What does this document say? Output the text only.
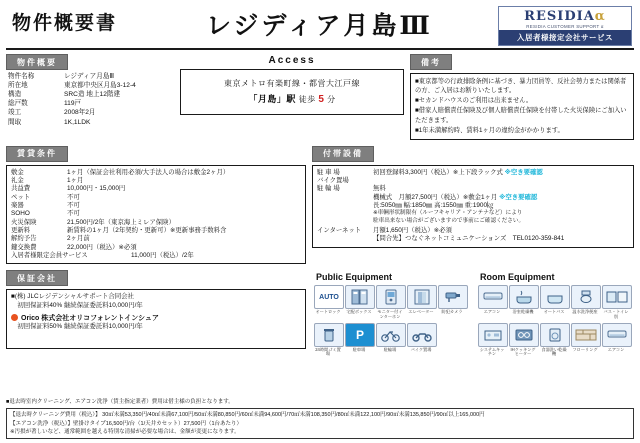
物件概要書	レジディア月島Ⅲ	RESIDIAα
RESIDIA CUSTOMER SUPPORT α
入居者様接定会社サービス
物件概要
物件名称	レジディア月島Ⅲ
所在地	東京都中央区月島3-12-4
構造	SRC造 地上12階建
総戸数	119戸
竣工	2008年2月
間取	1K,1LDK
Access
東京メトロ有楽町線・都営大江戸線
「月島」駅 徒歩 5 分
備考
■東京都等の行政排除条例に基づき、暴力団員等、反社会勢力または関係者の方、ご入居はお断りいたします。
■セカンドハウスのご利用は出来ません。
■借家人賠償責任保険及び個人賠償責任保険を付帯した火災保険にご加入いただきます。
■1年未満解約時、賃料1ヶ月の違約金がかかります。
賃貸条件
敷金	1ヶ月（保証会社利用必須/大手法人の場合は敷金2ヶ月）
礼金	1ヶ月
共益費	10,000円・15,000円
ペット	不可
楽器	不可
SOHO	不可
火災保険	21,500円/2年（東京海上ミレア保険）
更新料	新賃料の1ヶ月（2年契約・更新可）※更新事務手数料含
解約予告	2ヶ月前
鍵交換費	22,000円（税込）※必須
入居者様限定会員サービス	11,000円（税込）/2年
付帯設備
駐 車 場	初回登録料3,300円（税込）※上下段ラック式 ※空き要確認
バイク置場
駐 輪 場	無料
機械式　月額27,500円（税込）※敷金1ヶ月 ※空き要確認
長:5050㎜ 幅:1850㎜ 高:1550㎜ 重:1900㎏
※車輌形状制限有（ルーフキャリア・アンテナなど）により
駐車出来ない場合がございますので事前にご確認ください。
インターネット	月額1,650円（税込）※必須
【問合先】つなぐネットコミュニケーションズ　TEL0120-359-841
保証会社
■(株) JLCレジデンシャルサポート合同会社
　初回保証料40% 継続保証委託料10,000円/年
Orico 株式会社オリコフォレントインシュア
　初回保証料50% 継続保証委託料10,000円/年
Public Equipment
AUTO
オートロック	宅配ボックス	モニター付インターホン
エレベーター	防犯カメラ
24時間ゴミ置場
P
駐車場	駐輪場	バイク置場
Room Equipment
エアコン	浴室乾燥機	オートバス	温水洗浄便座	バス・トイレ別
システムキッチン
IHクッキングヒーター
食器洗い乾燥機
フローリング	エアコン
■退去時室内クリーニング、エアコン洗浄（賃主指定業者）費用は借主様の負担となります。
【退去時クリーニング費用（税込）】 30㎡未満53,350円/40㎡未満67,100円/50㎡未満80,850円/60㎡未満94,600円/70㎡未満108,350円/80㎡未満122,100円/90㎡未満135,850円/90㎡以上165,000円
【エアコン洗浄（税込）】壁掛けタイプ16,500円/台（1/天井カセット）27,500円（1台あたり）
※汚損が著しいなど、通常範囲を越える特別な清掃が必要な場合は、金額が変更になります。
